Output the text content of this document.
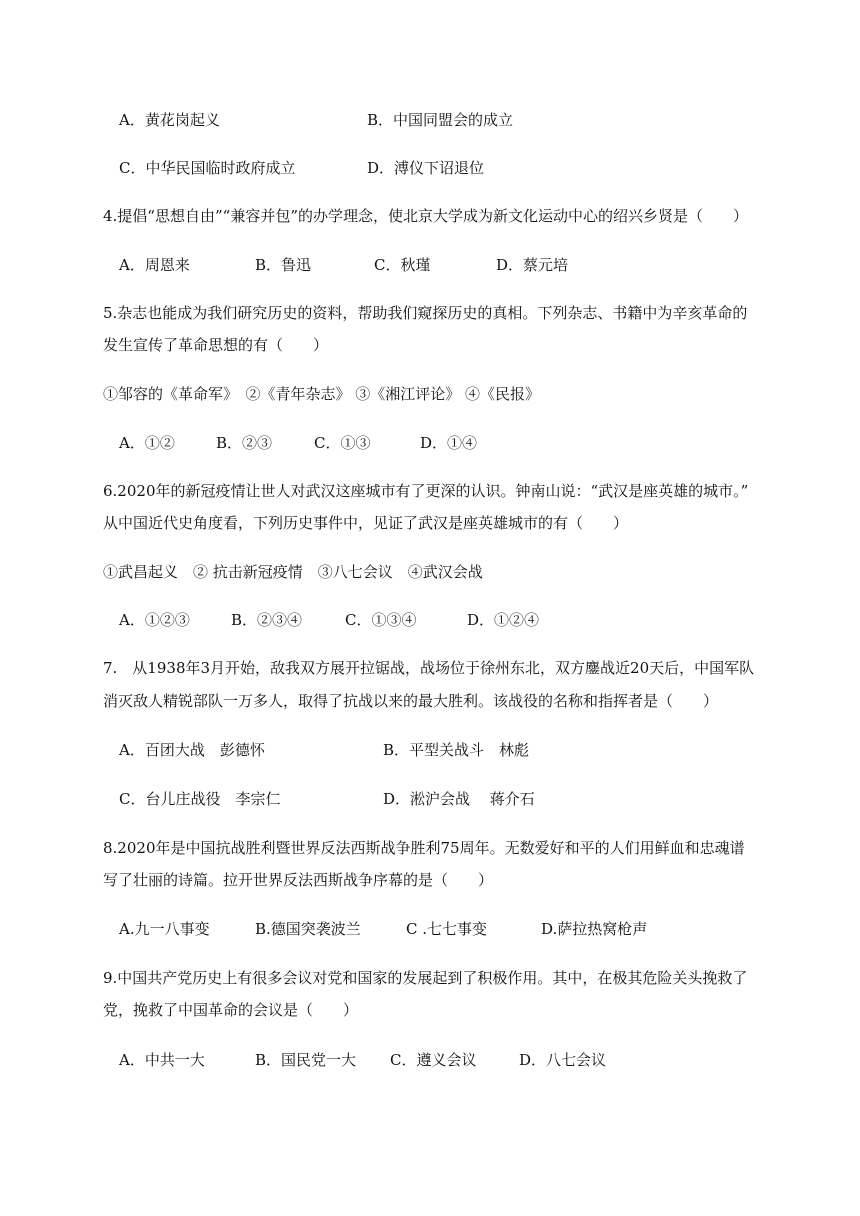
A．黄花岗起义	B．中国同盟会的成立
C．中华民国临时政府成立	D．溥仪下诏退位
4.提倡“思想自由”“兼容并包”的办学理念，使北京大学成为新文化运动中心的绍兴乡贤是（　　）
A．周恩来	B．鲁迅	C．秋瑾	D．蔡元培
5.杂志也能成为我们研究历史的资料，帮助我们窥探历史的真相。下列杂志、书籍中为辛亥革命的
发生宣传了革命思想的有（　　）
①邹容的《革命军》　②《青年杂志》 ③《湘江评论》 ④《民报》
A．①②	B．②③	C．①③	D．①④
6.2020年的新冠疫情让世人对武汉这座城市有了更深的认识。钟南山说：“武汉是座英雄的城市。”
从中国近代史角度看，下列历史事件中，见证了武汉是座英雄城市的有（　　）
①武昌起义　② 抗击新冠疫情　③八七会议　④武汉会战
A．①②③	B．②③④	C．①③④	D．①②④
7.　从1938年3月开始，敌我双方展开拉锯战，战场位于徐州东北，双方鏖战近20天后，中国军队
消灭敌人精锐部队一万多人，取得了抗战以来的最大胜利。该战役的名称和指挥者是（　　）
A．百团大战　彭德怀	B．平型关战斗　林彪
C．台儿庄战役　李宗仁	D．淞沪会战　 蒋介石
8.2020年是中国抗战胜利暨世界反法西斯战争胜利75周年。无数爱好和平的人们用鲜血和忠魂谱
写了壮丽的诗篇。拉开世界反法西斯战争序幕的是（　　）
A.九一八事变	B.德国突袭波兰	C .七七事变	D.萨拉热窝枪声
9.中国共产党历史上有很多会议对党和国家的发展起到了积极作用。其中，在极其危险关头挽救了
党，挽救了中国革命的会议是（　　）
A．中共一大	B．国民党一大 C．遵义会议	D．八七会议
